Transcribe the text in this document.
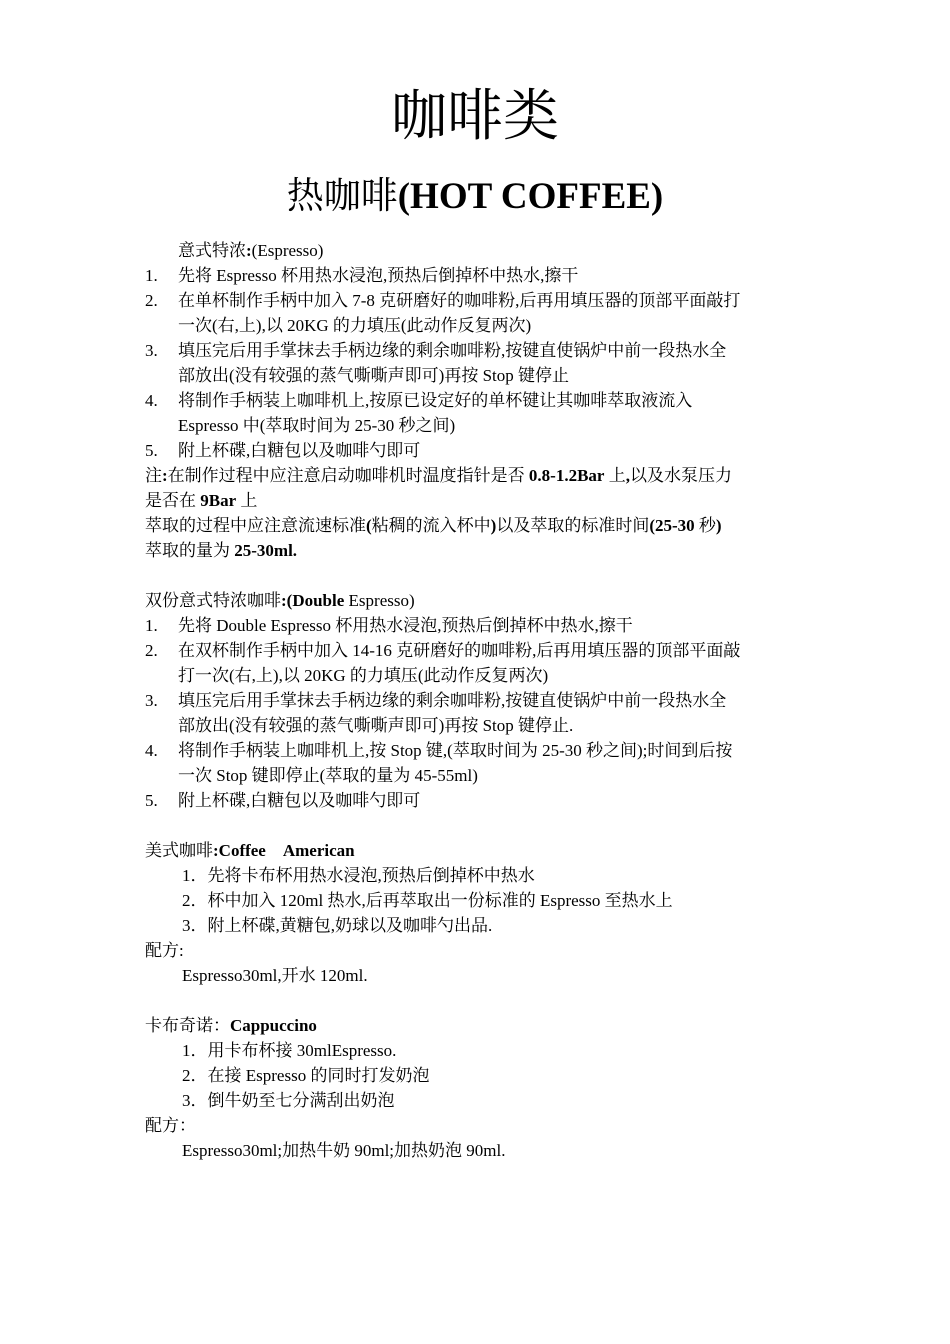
咖啡类
热咖啡(HOT COFFEE)
意式特浓:(Espresso)
1. 先将 Espresso 杯用热水浸泡,预热后倒掉杯中热水,擦干
2. 在单杯制作手柄中加入 7-8 克研磨好的咖啡粉,后再用填压器的顶部平面敲打
一次(右,上),以 20KG 的力填压(此动作反复两次)
3. 填压完后用手掌抹去手柄边缘的剩余咖啡粉,按键直使锅炉中前一段热水全
部放出(没有较强的蒸气嘶嘶声即可)再按 Stop 键停止
4. 将制作手柄装上咖啡机上,按原已设定好的单杯键让其咖啡萃取液流入
Espresso 中(萃取时间为 25-30 秒之间)
5. 附上杯碟,白糖包以及咖啡勺即可
注:在制作过程中应注意启动咖啡机时温度指针是否 0.8-1.2Bar 上,以及水泵压力
是否在 9Bar 上
萃取的过程中应注意流速标准(粘稠的流入杯中)以及萃取的标准时间(25-30 秒)
萃取的量为 25-30ml.
双份意式特浓咖啡:(Double Espresso)
1. 先将 Double Espresso 杯用热水浸泡,预热后倒掉杯中热水,擦干
2. 在双杯制作手柄中加入 14-16 克研磨好的咖啡粉,后再用填压器的顶部平面敲
打一次(右,上),以 20KG 的力填压(此动作反复两次)
3. 填压完后用手掌抹去手柄边缘的剩余咖啡粉,按键直使锅炉中前一段热水全
部放出(没有较强的蒸气嘶嘶声即可)再按 Stop 键停止.
4. 将制作手柄装上咖啡机上,按 Stop 键,(萃取时间为 25-30 秒之间);时间到后按
一次 Stop 键即停止(萃取的量为 45-55ml)
5. 附上杯碟,白糖包以及咖啡勺即可
美式咖啡:Coffee　American
1．先将卡布杯用热水浸泡,预热后倒掉杯中热水
2．杯中加入 120ml 热水,后再萃取出一份标准的 Espresso 至热水上
3．附上杯碟,黄糖包,奶球以及咖啡勺出品.
配方:
Espresso30ml,开水 120ml.
卡布奇诺：Cappuccino
1．用卡布杯接 30mlEspresso.
2．在接 Espresso 的同时打发奶泡
3．倒牛奶至七分满刮出奶泡
配方：
Espresso30ml;加热牛奶 90ml;加热奶泡 90ml.
